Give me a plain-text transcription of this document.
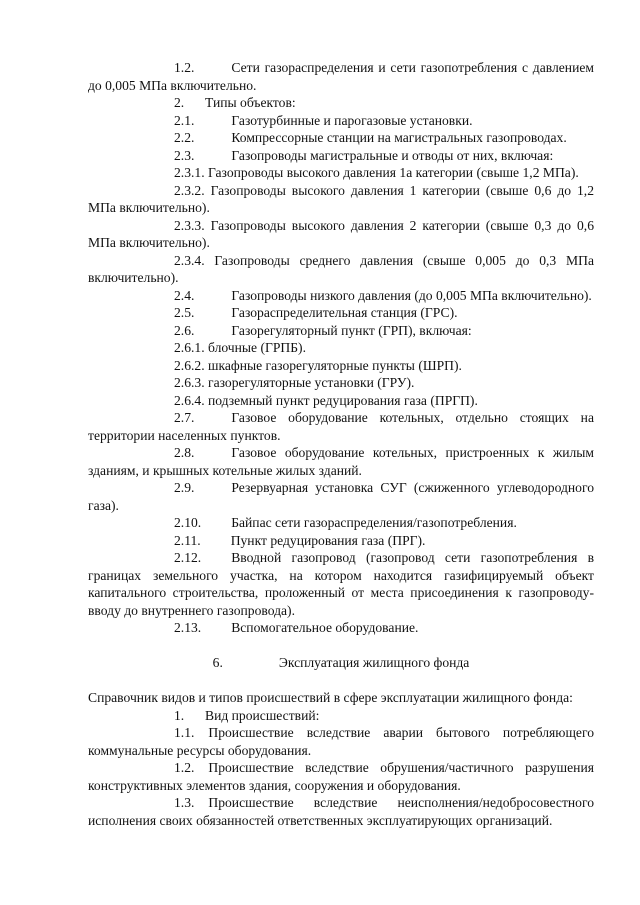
1.2.	Сети газораспределения и сети газопотребления с давлением до 0,005 МПа включительно.

2. Типы объектов:

2.1.	Газотурбинные и парогазовые установки.

2.2.	Компрессорные станции на магистральных газопроводах.

2.3.	Газопроводы магистральные и отводы от них, включая:

2.3.1. Газопроводы высокого давления 1а категории (свыше 1,2 МПа).

2.3.2. Газопроводы высокого давления 1 категории (свыше 0,6 до 1,2 МПа включительно).

2.3.3. Газопроводы высокого давления 2 категории (свыше 0,3 до 0,6 МПа включительно).

2.3.4. Газопроводы среднего давления (свыше 0,005 до 0,3 МПа включительно).

2.4.	Газопроводы низкого давления (до 0,005 МПа включительно).

2.5.	Газораспределительная станция (ГРС).

2.6.	Газорегуляторный пункт (ГРП), включая:

2.6.1. блочные (ГРПБ).

2.6.2. шкафные газорегуляторные пункты (ШРП).

2.6.3. газорегуляторные установки (ГРУ).

2.6.4. подземный пункт редуцирования газа (ПРГП).

2.7.	Газовое оборудование котельных, отдельно стоящих на территории населенных пунктов.

2.8.	Газовое оборудование котельных, пристроенных к жилым зданиям, и крышных котельные жилых зданий.

2.9.	Резервуарная установка СУГ (сжиженного углеводородного газа).

2.10. Байпас сети газораспределения/газопотребления.

2.11. Пункт редуцирования газа (ПРГ).

2.12. Вводной газопровод (газопровод сети газопотребления в границах земельного участка, на котором находится газифицируемый объект капитального строительства, проложенный от места присоединения к газопроводу-вводу до внутреннего газопровода).

2.13. Вспомогательное оборудование.

6.	Эксплуатация жилищного фонда

Справочник видов и типов происшествий в сфере эксплуатации жилищного фонда:

1. Вид происшествий:

1.1. Происшествие вследствие аварии бытового потребляющего коммунальные ресурсы оборудования.

1.2. Происшествие вследствие обрушения/частичного разрушения конструктивных элементов здания, сооружения и оборудования.

1.3. Происшествие вследствие неисполнения/недобросовестного исполнения своих обязанностей ответственных эксплуатирующих организаций.
